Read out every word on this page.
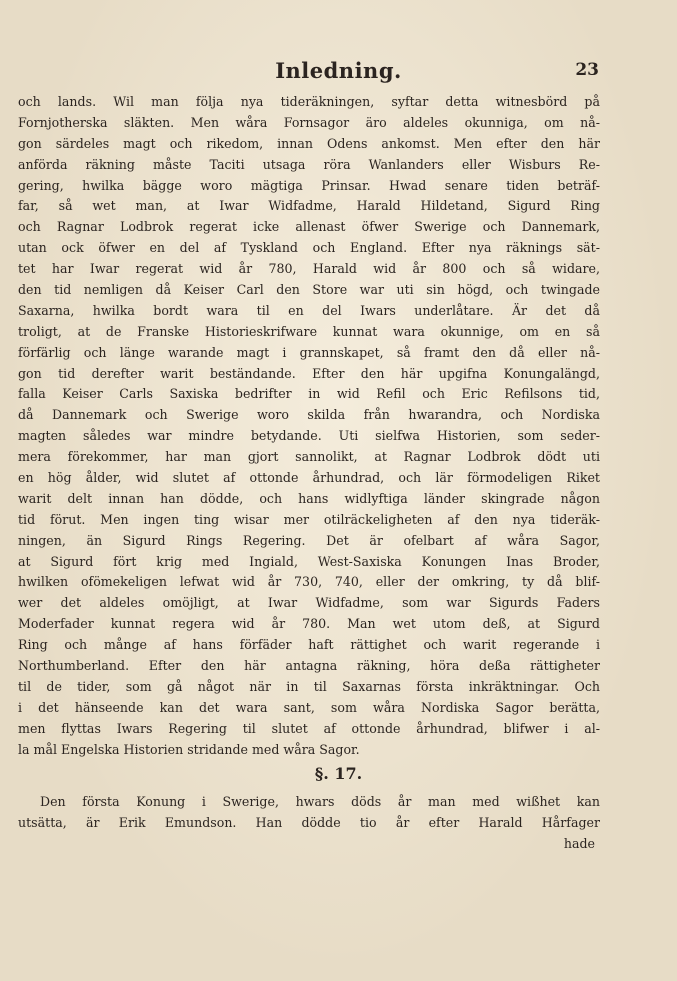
Inledning.	23
och lands. Wil man följa nya tideräkningen, syftar detta witnesbörd på
Fornjotherska släkten. Men wåra Fornsagor äro aldeles okunniga, om nå-
gon särdeles magt och rikedom, innan Odens ankomst. Men efter den här
anförda räkning måste Taciti utsaga röra Wanlanders eller Wisburs Re-
gering, hwilka bägge woro mägtiga Prinsar. Hwad senare tiden beträf-
far, så wet man, at Iwar Widfadme, Harald Hildetand, Sigurd Ring
och Ragnar Lodbrok regerat icke allenast öfwer Swerige och Dannemark,
utan ock öfwer en del af Tyskland och England. Efter nya räknings sät-
tet har Iwar regerat wid år 780, Harald wid år 800 och så widare,
den tid nemligen då Keiser Carl den Store war uti sin högd, och twingade
Saxarna, hwilka bordt wara til en del Iwars underlåtare. Är det då
troligt, at de Franske Historieskrifware kunnat wara okunnige, om en så
förfärlig och länge warande magt i grannskapet, så framt den då eller nå-
gon tid derefter warit beständande. Efter den här upgifna Konungalängd,
falla Keiser Carls Saxiska bedrifter in wid Refil och Eric Refilsons tid,
då Dannemark och Swerige woro skilda från hwarandra, och Nordiska
magten således war mindre betydande. Uti sielfwa Historien, som seder-
mera förekommer, har man gjort sannolikt, at Ragnar Lodbrok dödt uti
en hög ålder, wid slutet af ottonde århundrad, och lär förmodeligen Riket
warit delt innan han dödde, och hans widlyftiga länder skingrade någon
tid förut. Men ingen ting wisar mer otilräckeligheten af den nya tideräk-
ningen, än Sigurd Rings Regering. Det är ofelbart af wåra Sagor,
at Sigurd fört krig med Ingiald, West-Saxiska Konungen Inas Broder,
hwilken ofömekeligen lefwat wid år 730, 740, eller der omkring, ty då blif-
wer det aldeles omöjligt, at Iwar Widfadme, som war Sigurds Faders
Moderfader kunnat regera wid år 780. Man wet utom deß, at Sigurd
Ring och månge af hans förfäder haft rättighet och warit regerande i
Northumberland. Efter den här antagna räkning, höra deßa rättigheter
til de tider, som gå något när in til Saxarnas första inkräktningar. Och
i det hänseende kan det wara sant, som wåra Nordiska Sagor berätta,
men flyttas Iwars Regering til slutet af ottonde århundrad, blifwer i al-
la mål Engelska Historien stridande med wåra Sagor.
§. 17.
Den första Konung i Swerige, hwars döds år man med wißhet kan
utsätta, är Erik Emundson. Han dödde tio år efter Harald Hårfager
hade
